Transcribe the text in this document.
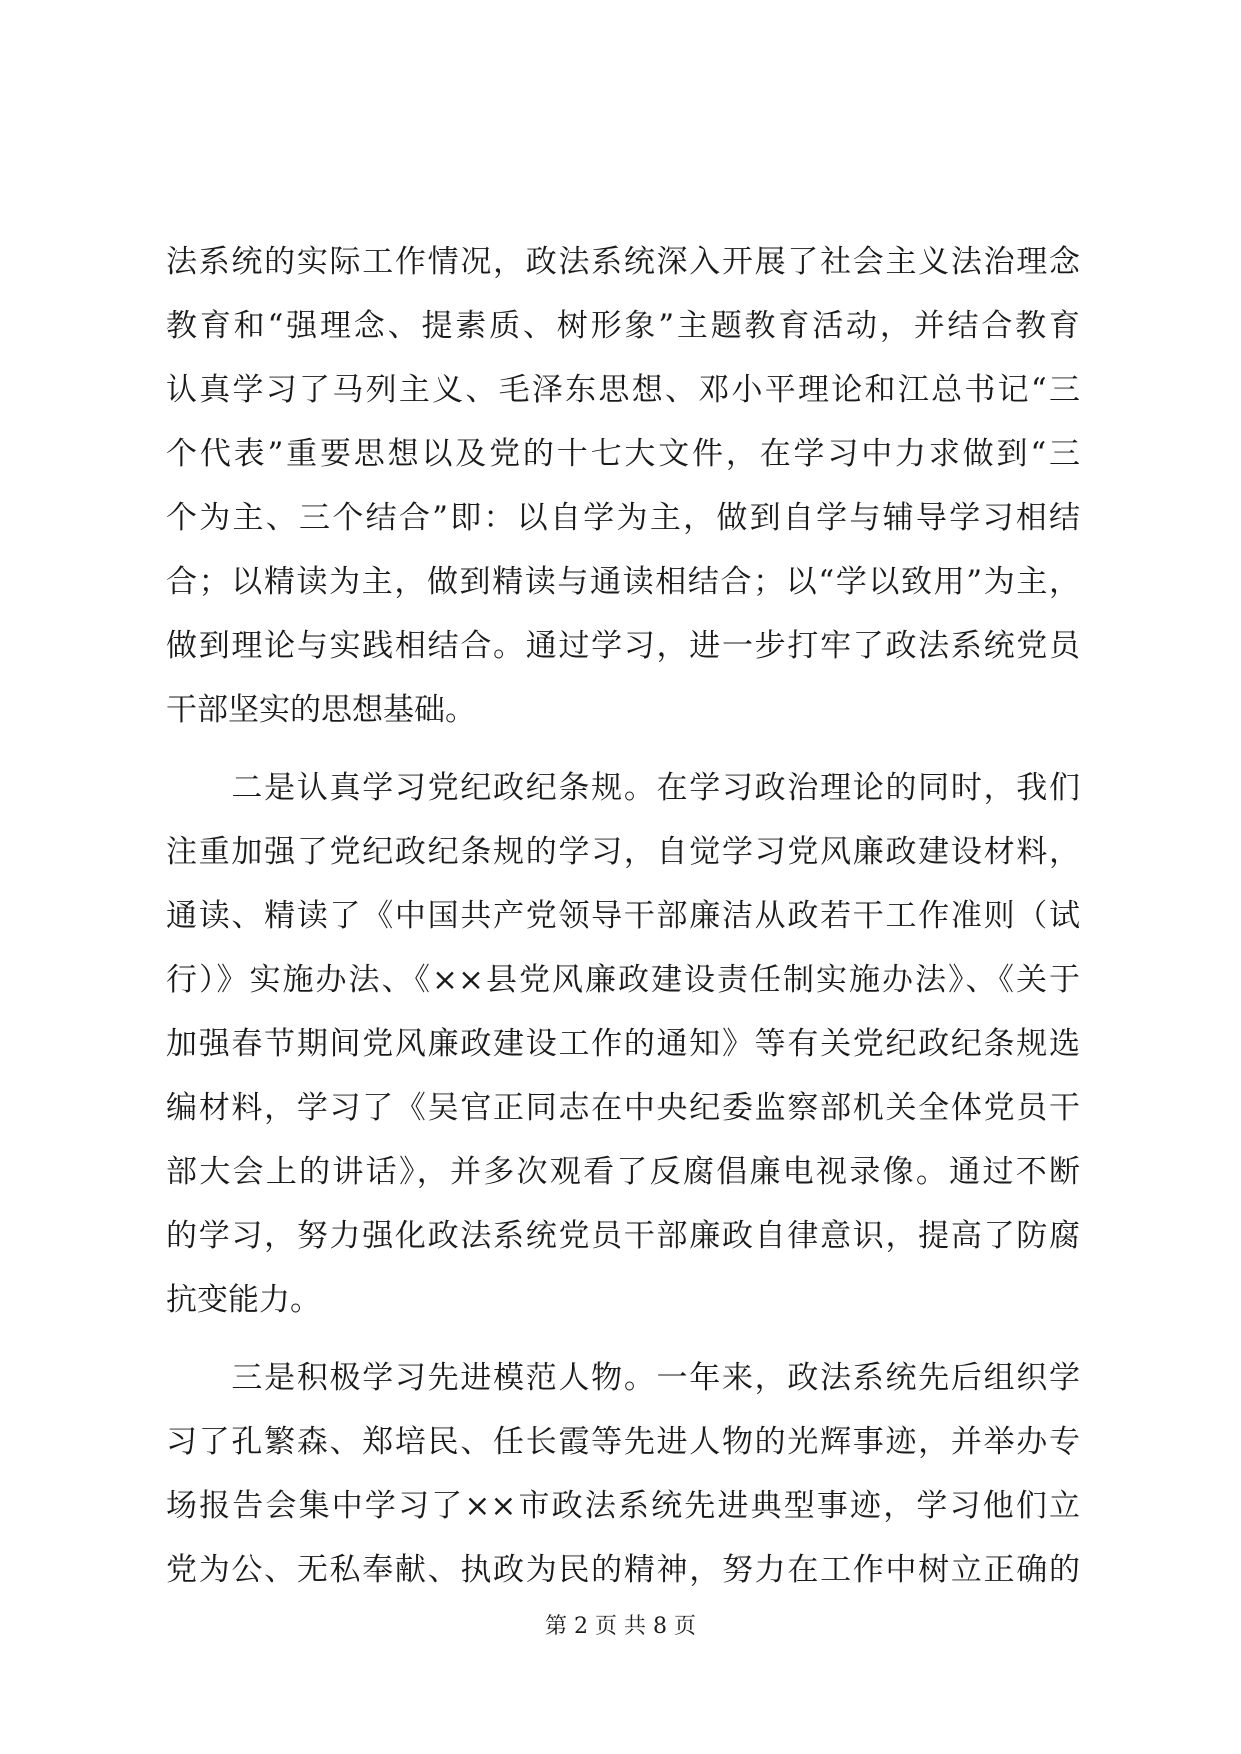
法系统的实际工作情况，政法系统深入开展了社会主义法治理念
教育和“强理念、提素质、树形象”主题教育活动，并结合教育
认真学习了马列主义、毛泽东思想、邓小平理论和江总书记“三
个代表”重要思想以及党的十七大文件，在学习中力求做到“三
个为主、三个结合”即：以自学为主，做到自学与辅导学习相结
合；以精读为主，做到精读与通读相结合；以“学以致用”为主，
做到理论与实践相结合。通过学习，进一步打牢了政法系统党员
干部坚实的思想基础。
　　二是认真学习党纪政纪条规。在学习政治理论的同时，我们
注重加强了党纪政纪条规的学习，自觉学习党风廉政建设材料，
通读、精读了《中国共产党领导干部廉洁从政若干工作准则（试
行）》实施办法、《××县党风廉政建设责任制实施办法》、《关于
加强春节期间党风廉政建设工作的通知》等有关党纪政纪条规选
编材料，学习了《吴官正同志在中央纪委监察部机关全体党员干
部大会上的讲话》，并多次观看了反腐倡廉电视录像。通过不断
的学习，努力强化政法系统党员干部廉政自律意识，提高了防腐
抗变能力。
　　三是积极学习先进模范人物。一年来，政法系统先后组织学
习了孔繁森、郑培民、任长霞等先进人物的光辉事迹，并举办专
场报告会集中学习了××市政法系统先进典型事迹，学习他们立
党为公、无私奉献、执政为民的精神，努力在工作中树立正确的
第 2 页 共 8 页
